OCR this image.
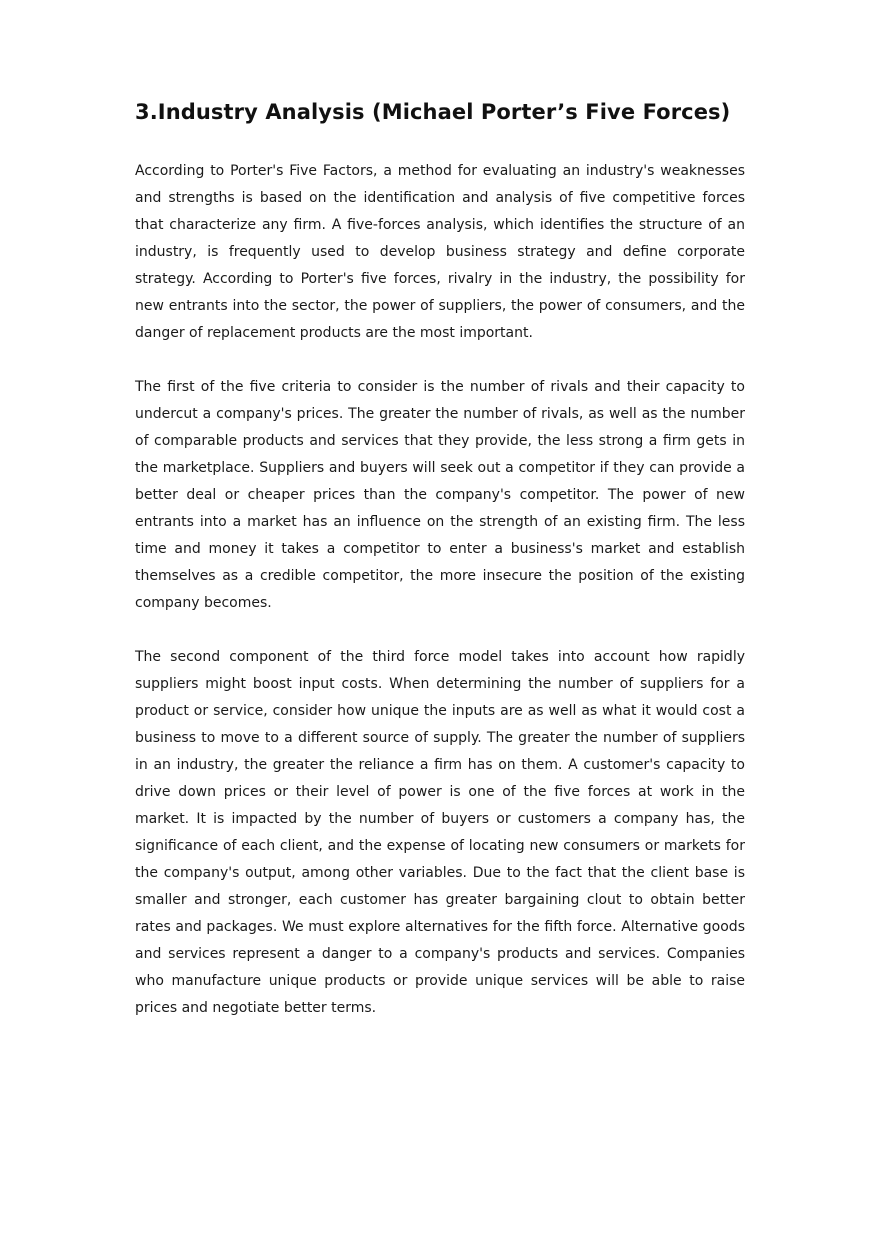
3.Industry Analysis (Michael Porter’s Five Forces)

According to Porter's Five Factors, a method for evaluating an industry's weaknesses and strengths is based on the identification and analysis of five competitive forces that characterize any firm. A five-forces analysis, which identifies the structure of an industry, is frequently used to develop business strategy and define corporate strategy. According to Porter's five forces, rivalry in the industry, the possibility for new entrants into the sector, the power of suppliers, the power of consumers, and the danger of replacement products are the most important.

The first of the five criteria to consider is the number of rivals and their capacity to undercut a company's prices. The greater the number of rivals, as well as the number of comparable products and services that they provide, the less strong a firm gets in the marketplace. Suppliers and buyers will seek out a competitor if they can provide a better deal or cheaper prices than the company's competitor. The power of new entrants into a market has an influence on the strength of an existing firm. The less time and money it takes a competitor to enter a business's market and establish themselves as a credible competitor, the more insecure the position of the existing company becomes.

The second component of the third force model takes into account how rapidly suppliers might boost input costs. When determining the number of suppliers for a product or service, consider how unique the inputs are as well as what it would cost a business to move to a different source of supply. The greater the number of suppliers in an industry, the greater the reliance a firm has on them. A customer's capacity to drive down prices or their level of power is one of the five forces at work in the market. It is impacted by the number of buyers or customers a company has, the significance of each client, and the expense of locating new consumers or markets for the company's output, among other variables. Due to the fact that the client base is smaller and stronger, each customer has greater bargaining clout to obtain better rates and packages. We must explore alternatives for the fifth force. Alternative goods and services represent a danger to a company's products and services. Companies who manufacture unique products or provide unique services will be able to raise prices and negotiate better terms.
